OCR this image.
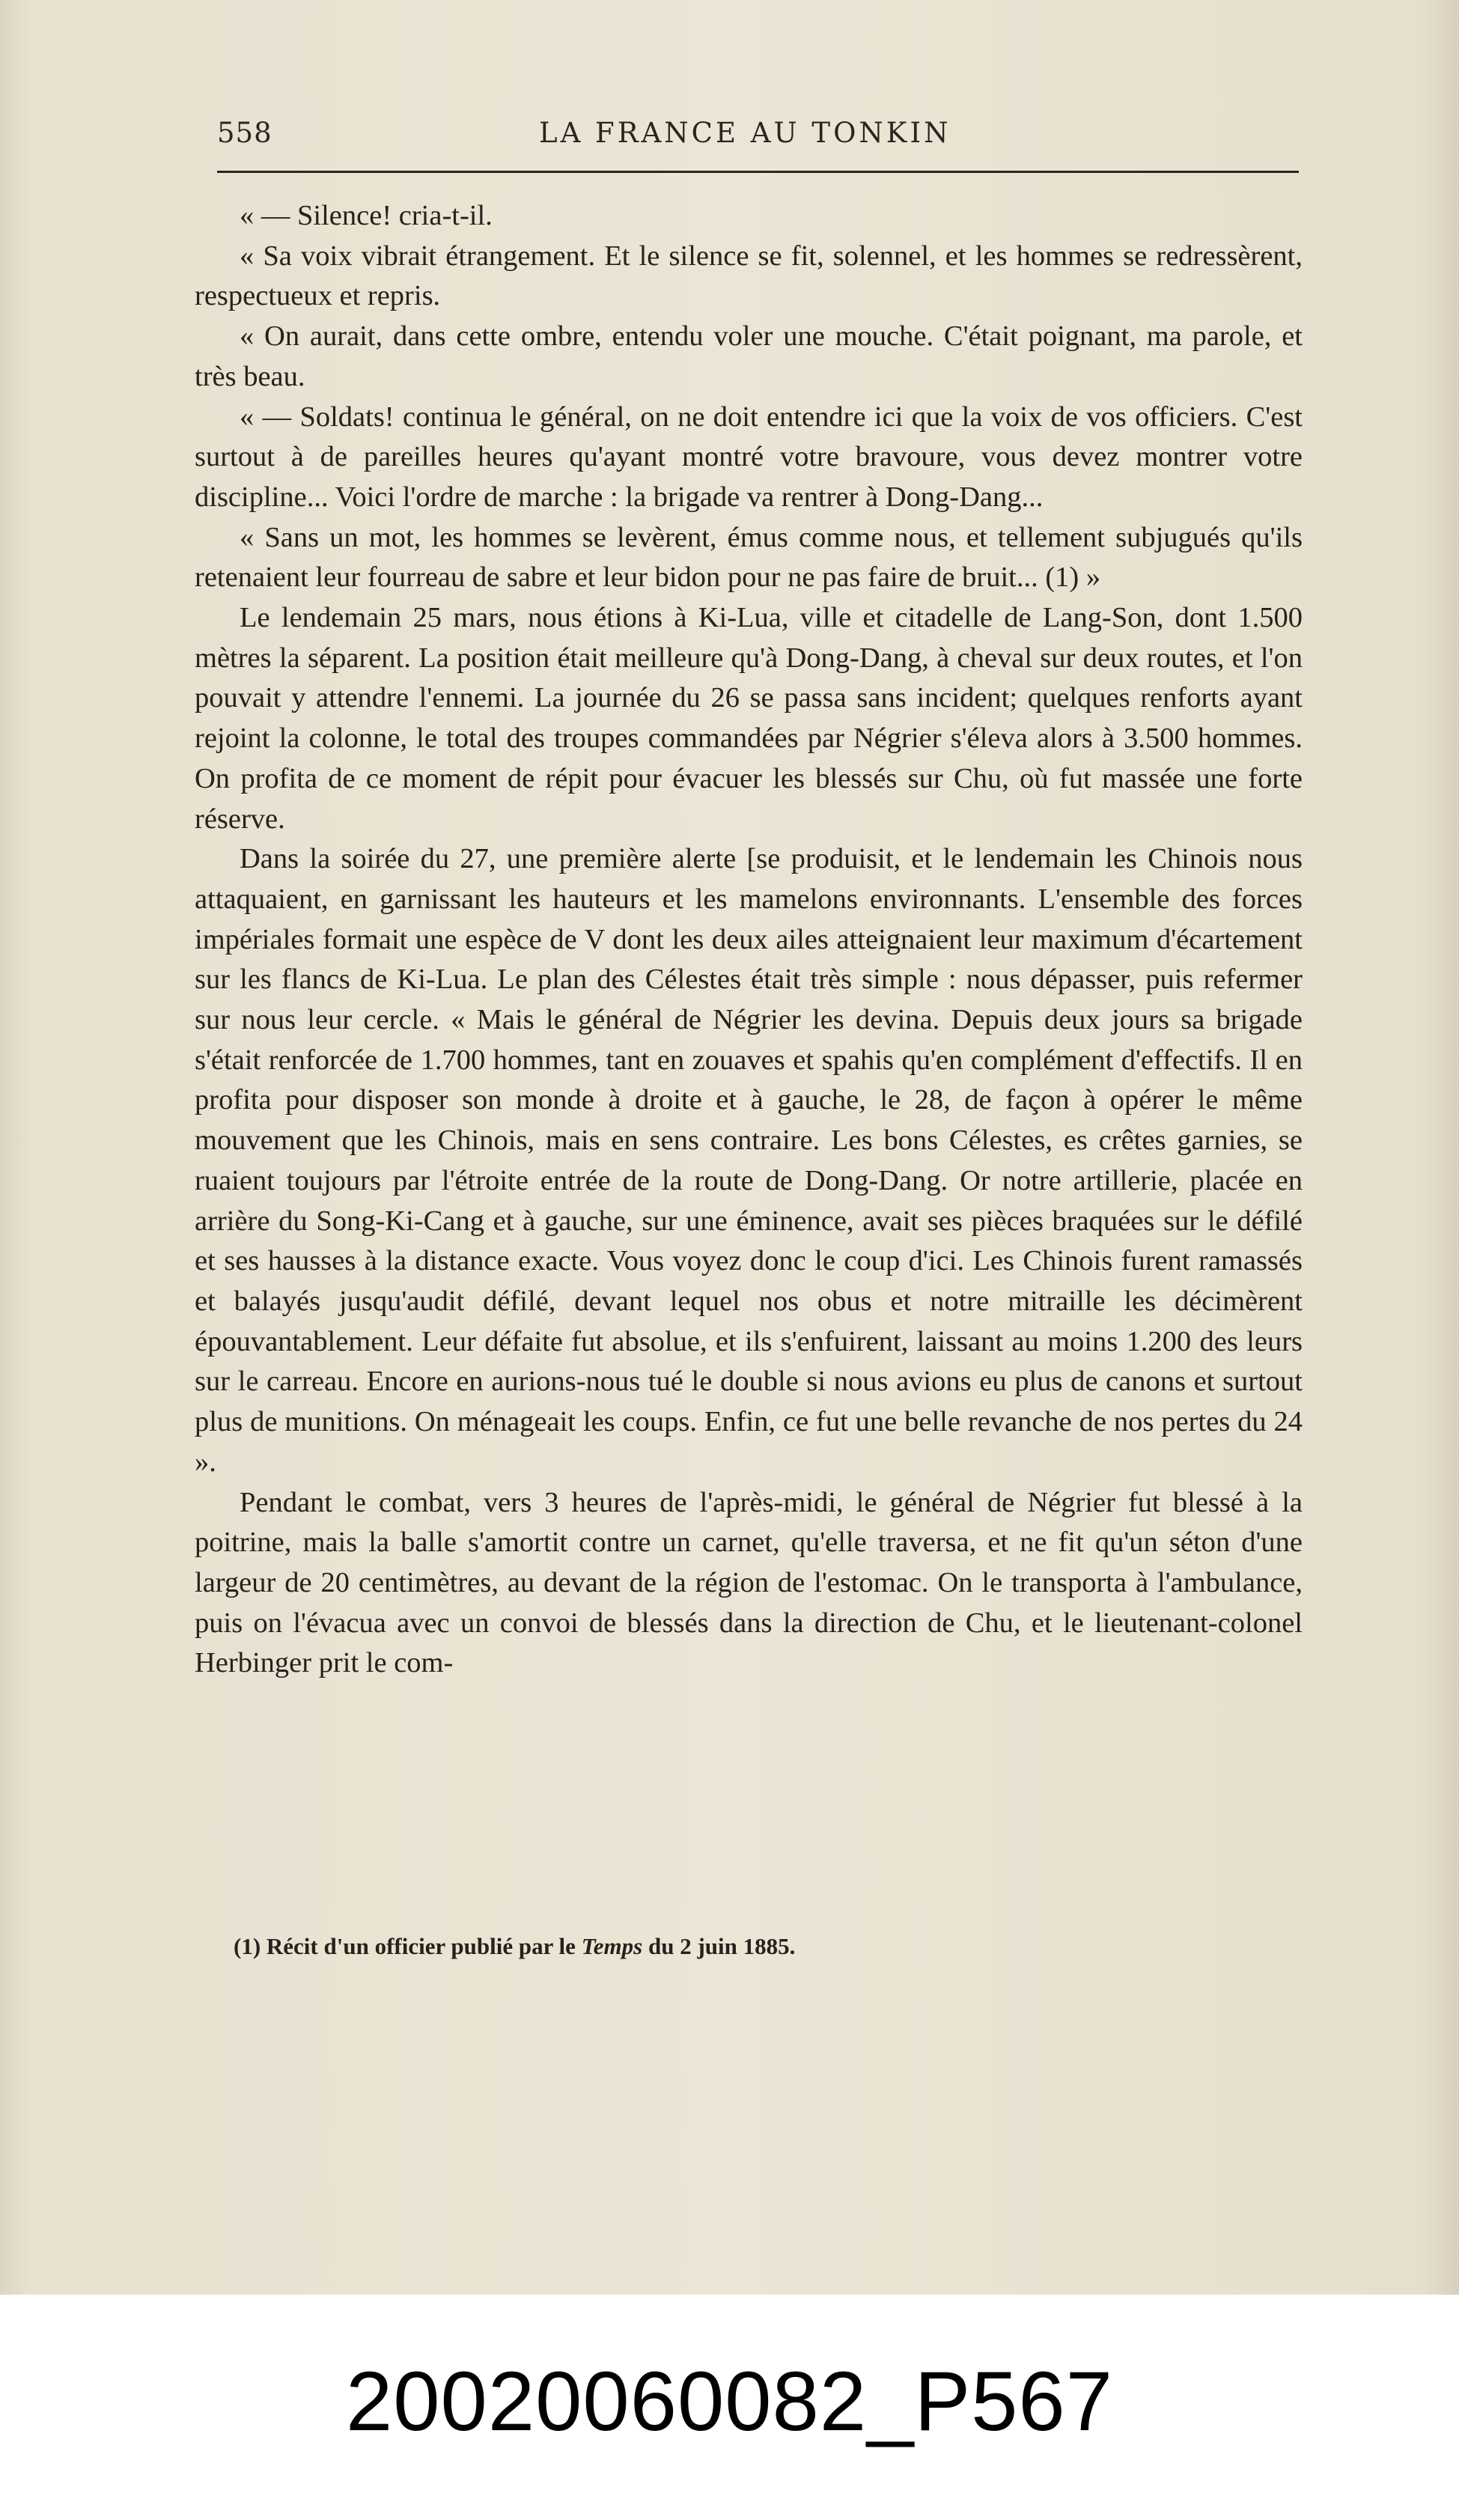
558	LA FRANCE AU TONKIN

« — Silence! cria-t-il.

« Sa voix vibrait étrangement. Et le silence se fit, solennel, et les hommes se redressèrent, respectueux et repris.

« On aurait, dans cette ombre, entendu voler une mouche. C'était poignant, ma parole, et très beau.

« — Soldats! continua le général, on ne doit entendre ici que la voix de vos officiers. C'est surtout à de pareilles heures qu'ayant montré votre bravoure, vous devez montrer votre discipline... Voici l'ordre de marche : la brigade va rentrer à Dong-Dang...

« Sans un mot, les hommes se levèrent, émus comme nous, et tellement subjugués qu'ils retenaient leur fourreau de sabre et leur bidon pour ne pas faire de bruit... (1) »

Le lendemain 25 mars, nous étions à Ki-Lua, ville et citadelle de Lang-Son, dont 1.500 mètres la séparent. La position était meilleure qu'à Dong-Dang, à cheval sur deux routes, et l'on pouvait y attendre l'ennemi. La journée du 26 se passa sans incident; quelques renforts ayant rejoint la colonne, le total des troupes commandées par Négrier s'éleva alors à 3.500 hommes. On profita de ce moment de répit pour évacuer les blessés sur Chu, où fut massée une forte réserve.

Dans la soirée du 27, une première alerte [se produisit, et le lendemain les Chinois nous attaquaient, en garnissant les hauteurs et les mamelons environnants. L'ensemble des forces impériales formait une espèce de V dont les deux ailes atteignaient leur maximum d'écartement sur les flancs de Ki-Lua. Le plan des Célestes était très simple : nous dépasser, puis refermer sur nous leur cercle. « Mais le général de Négrier les devina. Depuis deux jours sa brigade s'était renforcée de 1.700 hommes, tant en zouaves et spahis qu'en complément d'effectifs. Il en profita pour disposer son monde à droite et à gauche, le 28, de façon à opérer le même mouvement que les Chinois, mais en sens contraire. Les bons Célestes, es crêtes garnies, se ruaient toujours par l'étroite entrée de la route de Dong-Dang. Or notre artillerie, placée en arrière du Song-Ki-Cang et à gauche, sur une éminence, avait ses pièces braquées sur le défilé et ses hausses à la distance exacte. Vous voyez donc le coup d'ici. Les Chinois furent ramassés et balayés jusqu'audit défilé, devant lequel nos obus et notre mitraille les décimèrent épouvantablement. Leur défaite fut absolue, et ils s'enfuirent, laissant au moins 1.200 des leurs sur le carreau. Encore en aurions-nous tué le double si nous avions eu plus de canons et surtout plus de munitions. On ménageait les coups. Enfin, ce fut une belle revanche de nos pertes du 24 ».

Pendant le combat, vers 3 heures de l'après-midi, le général de Négrier fut blessé à la poitrine, mais la balle s'amortit contre un carnet, qu'elle traversa, et ne fit qu'un séton d'une largeur de 20 centimètres, au devant de la région de l'estomac. On le transporta à l'ambulance, puis on l'évacua avec un convoi de blessés dans la direction de Chu, et le lieutenant-colonel Herbinger prit le com-

(1) Récit d'un officier publié par le Temps du 2 juin 1885.
20020060082_P567
